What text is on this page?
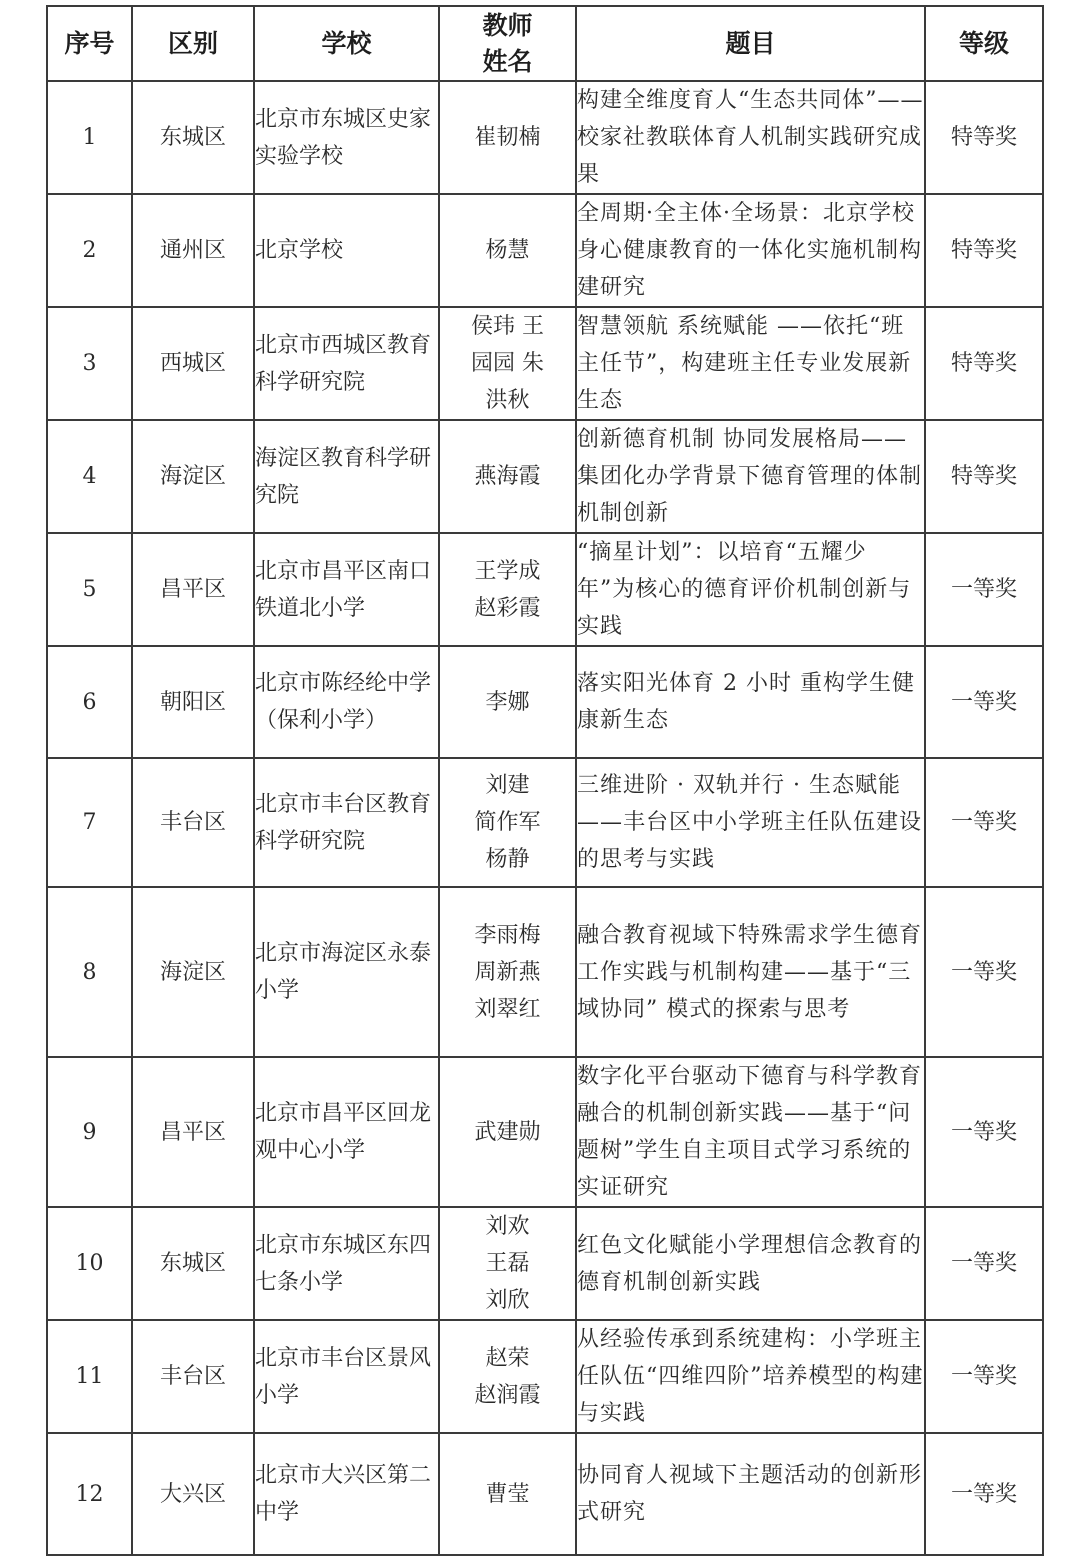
序号	区别	学校	教师
姓名	题目	等级
1	东城区	北京市东城区史家实验学校	崔韧楠	构建全维度育人“生态共同体”——校家社教联体育人机制实践研究成果	特等奖
2	通州区	北京学校	杨慧	全周期·全主体·全场景：北京学校身心健康教育的一体化实施机制构建研究	特等奖
3	西城区	北京市西城区教育科学研究院	侯玮 王
园园 朱
洪秋	智慧领航 系统赋能 ——依托“班主任节”，构建班主任专业发展新生态	特等奖
4	海淀区	海淀区教育科学研究院	燕海霞	创新德育机制 协同发展格局——集团化办学背景下德育管理的体制机制创新	特等奖
5	昌平区	北京市昌平区南口铁道北小学	王学成
赵彩霞	“摘星计划”：以培育“五耀少年”为核心的德育评价机制创新与实践	一等奖
6	朝阳区	北京市陈经纶中学（保利小学）	李娜	落实阳光体育 2 小时 重构学生健康新生态	一等奖
7	丰台区	北京市丰台区教育科学研究院	刘建
简作军
杨静	三维进阶 · 双轨并行 · 生态赋能——丰台区中小学班主任队伍建设的思考与实践	一等奖
8	海淀区	北京市海淀区永泰小学	李雨梅
周新燕
刘翠红	融合教育视域下特殊需求学生德育工作实践与机制构建——基于“三域协同” 模式的探索与思考	一等奖
9	昌平区	北京市昌平区回龙观中心小学	武建勋	数字化平台驱动下德育与科学教育融合的机制创新实践——基于“问题树”学生自主项目式学习系统的实证研究	一等奖
10	东城区	北京市东城区东四七条小学	刘欢
王磊
刘欣	红色文化赋能小学理想信念教育的德育机制创新实践	一等奖
11	丰台区	北京市丰台区景风小学	赵荣
赵润霞	从经验传承到系统建构：小学班主任队伍“四维四阶”培养模型的构建与实践	一等奖
12	大兴区	北京市大兴区第二中学	曹莹	协同育人视域下主题活动的创新形式研究	一等奖
